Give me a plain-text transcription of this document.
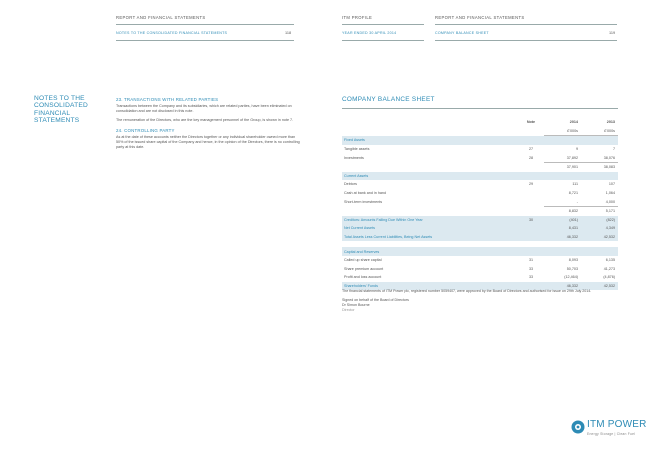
REPORT AND FINANCIAL STATEMENTS
NOTES TO THE CONSOLIDATED FINANCIAL STATEMENTS	118
NOTES TO THE
CONSOLIDATED
FINANCIAL STATEMENTS
23. TRANSACTIONS WITH RELATED PARTIES
Transactions between the Company and its subsidiaries, which are related parties, have been eliminated on consolidation and are not disclosed in this note.
The remuneration of the Directors, who are the key management personnel of the Group, is shown in note 7.
24. CONTROLLING PARTY
As at the date of these accounts neither the Directors together or any individual shareholder owned more than 50% of the issued share capital of the Company and hence, in the opinion of the Directors, there is no controlling party at this date.
ITM PROFILE
YEAR ENDED 30 APRIL 2014
REPORT AND FINANCIAL STATEMENTS
COMPANY BALANCE SHEET	119
COMPANY BALANCE SHEET
	Note	2014	2013
		£'000s	£'000s
Fixed Assets			
Tangible assets	27	9	7
Investments	28	37,892	38,076
		37,901	38,083
Current Assets			
Debtors	29	111	107
Cash at bank and in hand		8,721	1,064
Short-term investments		-	4,000
		8,832	5,171
Creditors: Amounts Falling Due Within One Year	30	(401)	(822)
Net Current Assets		8,431	4,349
Total Assets Less Current Liabilities, Being Net Assets		46,332	42,532

Capital and Reserves			
Called up share capital	31	8,093	6,135
Share premium account	33	50,703	41,273
Profit and loss account	33	(12,464)	(4,876)
Shareholders' Funds		46,332	42,532
The financial statements of ITM Power plc, registered number 5059407, were approved by the Board of Directors and authorised for issue on 29th July 2014.
Signed on behalf of the Board of Directors
Dr Simon Bourne
Director
ITM POWER
Energy Storage | Clean Fuel
